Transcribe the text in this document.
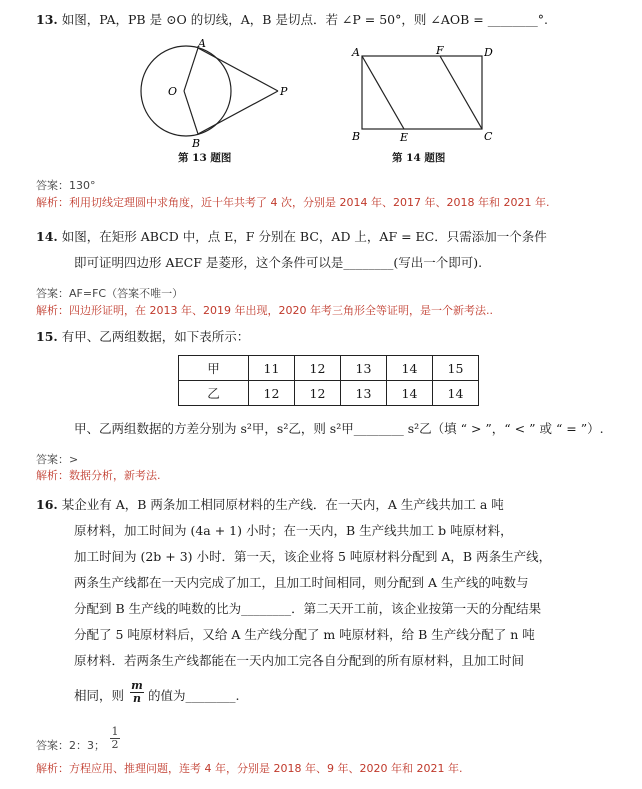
13. 如图，PA，PB 是 ⊙O 的切线，A，B 是切点．若 ∠P = 50°，则 ∠AOB = ________°.
A
B
O	P
A	F	D
B	E	C
第 13 题图	第 14 题图
答案：130°
解析：利用切线定理圆中求角度，近十年共考了 4 次，分别是 2014 年、2017 年、2018 年和 2021 年.
14. 如图，在矩形 ABCD 中，点 E，F 分别在 BC，AD 上，AF = EC．只需添加一个条件
即可证明四边形 AECF 是菱形，这个条件可以是________(写出一个即可).
答案：AF=FC（答案不唯一）
解析：四边形证明，在 2013 年、2019 年出现，2020 年考三角形全等证明，是一个新考法..
15. 有甲、乙两组数据，如下表所示：
甲	11	12	13	14	15
乙	12	12	13	14	14
甲、乙两组数据的方差分别为 s²甲，s²乙，则 s²甲________ s²乙（填 “ > ”，“ < ” 或 “ = ”）.
答案：>
解析：数据分析，新考法.
16. 某企业有 A，B 两条加工相同原材料的生产线．在一天内，A 生产线共加工 a 吨
原材料，加工时间为 (4a + 1) 小时；在一天内，B 生产线共加工 b 吨原材料，
加工时间为 (2b + 3) 小时．第一天，该企业将 5 吨原材料分配到 A，B 两条生产线，
两条生产线都在一天内完成了加工，且加工时间相同，则分配到 A 生产线的吨数与
分配到 B 生产线的吨数的比为________．第二天开工前，该企业按第一天的分配结果
分配了 5 吨原材料后，又给 A 生产线分配了 m 吨原材料，给 B 生产线分配了 n 吨
原材料．若两条生产线都能在一天内加工完各自分配到的所有原材料，且加工时间
相同，则 $\frac{m}{n}$ 的值为________.
答案：2：3； $\frac{1}{2}$
解析：方程应用、推理问题，连考 4 年，分别是 2018 年、9 年、2020 年和 2021 年.
